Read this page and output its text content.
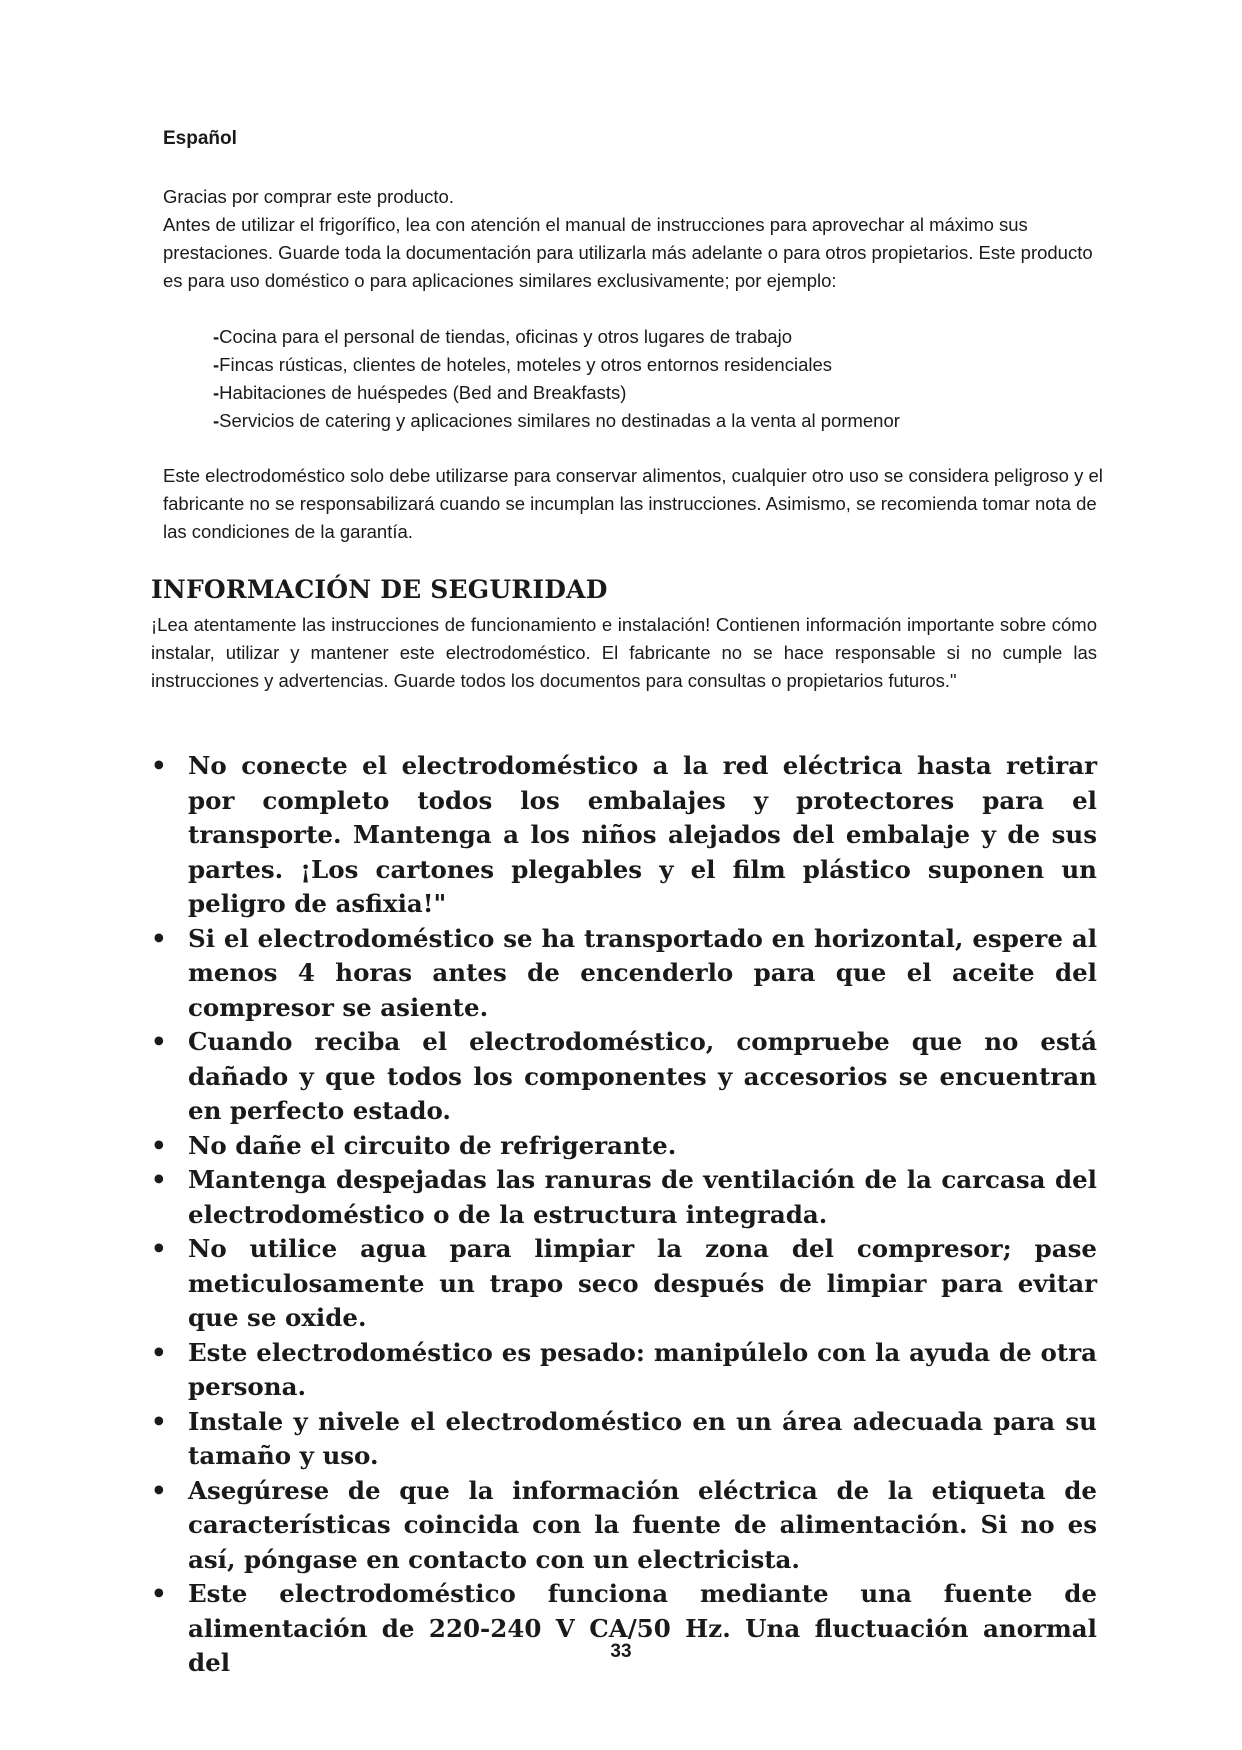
Español
Gracias por comprar este producto.
Antes de utilizar el frigorífico, lea con atención el manual de instrucciones para aprovechar al máximo sus prestaciones. Guarde toda la documentación para utilizarla más adelante o para otros propietarios. Este producto es para uso doméstico o para aplicaciones similares exclusivamente; por ejemplo:
-Cocina para el personal de tiendas, oficinas y otros lugares de trabajo
-Fincas rústicas, clientes de hoteles, moteles y otros entornos residenciales
-Habitaciones de huéspedes (Bed and Breakfasts)
-Servicios de catering y aplicaciones similares no destinadas a la venta al pormenor

Este electrodoméstico solo debe utilizarse para conservar alimentos, cualquier otro uso se considera peligroso y el fabricante no se responsabilizará cuando se incumplan las instrucciones. Asimismo, se recomienda tomar nota de las condiciones de la garantía.

INFORMACIÓN DE SEGURIDAD

¡Lea atentamente las instrucciones de funcionamiento e instalación! Contienen información importante sobre cómo instalar, utilizar y mantener este electrodoméstico. El fabricante no se hace responsable si no cumple las instrucciones y advertencias. Guarde todos los documentos para consultas o propietarios futuros."

• No conecte el electrodoméstico a la red eléctrica hasta retirar por completo todos los embalajes y protectores para el transporte. Mantenga a los niños alejados del embalaje y de sus partes. ¡Los cartones plegables y el film plástico suponen un peligro de asfixia!"
• Si el electrodoméstico se ha transportado en horizontal, espere al menos 4 horas antes de encenderlo para que el aceite del compresor se asiente.
• Cuando reciba el electrodoméstico, compruebe que no está dañado y que todos los componentes y accesorios se encuentran en perfecto estado.
• No dañe el circuito de refrigerante.
• Mantenga despejadas las ranuras de ventilación de la carcasa del electrodoméstico o de la estructura integrada.
• No utilice agua para limpiar la zona del compresor; pase meticulosamente un trapo seco después de limpiar para evitar que se oxide.
• Este electrodoméstico es pesado: manipúlelo con la ayuda de otra persona.
• Instale y nivele el electrodoméstico en un área adecuada para su tamaño y uso.
• Asegúrese de que la información eléctrica de la etiqueta de características coincida con la fuente de alimentación. Si no es así, póngase en contacto con un electricista.
• Este electrodoméstico funciona mediante una fuente de alimentación de 220-240 V CA/50 Hz. Una fluctuación anormal del	33
